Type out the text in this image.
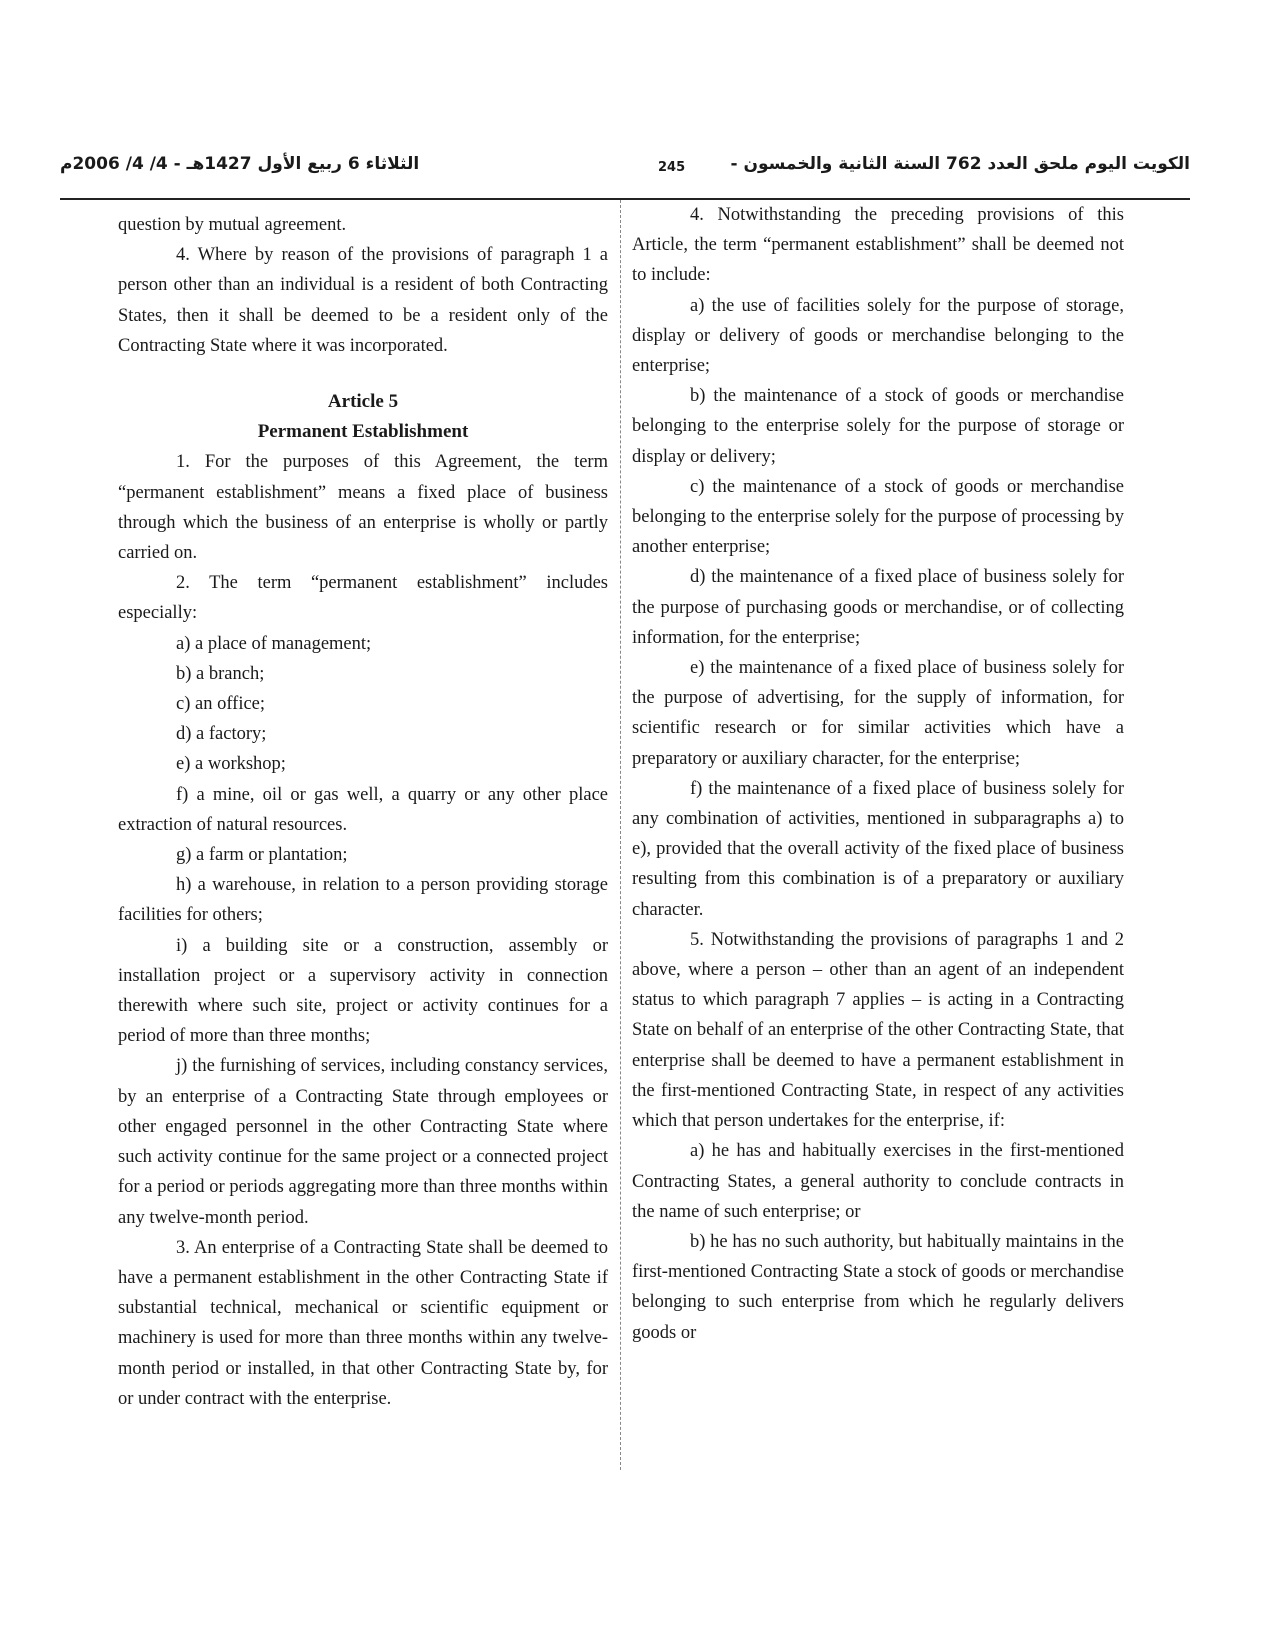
الثلاثاء 6 ربيع الأول 1427هـ - 4/ 4/ 2006م	245	الكويت اليوم ملحق العدد 762 السنة الثانية والخمسون -

question by mutual agreement.

4. Where by reason of the provisions of paragraph 1 a person other than an individual is a resident of both Contracting States, then it shall be deemed to be a resident only of the Contracting State where it was incorporated.

Article 5

Permanent Establishment

1. For the purposes of this Agreement, the term “permanent establishment” means a fixed place of business through which the business of an enterprise is wholly or partly carried on.

2. The term “permanent establishment” includes especially:

a) a place of management;

b) a branch;

c) an office;

d) a factory;

e) a workshop;

f) a mine, oil or gas well, a quarry or any other place extraction of natural resources.

g) a farm or plantation;

h) a warehouse, in relation to a person providing storage facilities for others;

i) a building site or a construction, assembly or installation project or a supervisory activity in connection therewith where such site, project or activity continues for a period of more than three months;

j) the furnishing of services, including constancy services, by an enterprise of a Contracting State through employees or other engaged personnel in the other Contracting State where such activity continue for the same project or a connected project for a period or periods aggregating more than three months within any twelve-month period.

3. An enterprise of a Contracting State shall be deemed to have a permanent establishment in the other Contracting State if substantial technical, mechanical or scientific equipment or machinery is used for more than three months within any twelve-month period or installed, in that other Contracting State by, for or under contract with the enterprise.

4. Notwithstanding the preceding provisions of this Article, the term “permanent establishment” shall be deemed not to include:

a) the use of facilities solely for the purpose of storage, display or delivery of goods or merchandise belonging to the enterprise;

b) the maintenance of a stock of goods or merchandise belonging to the enterprise solely for the purpose of storage or display or delivery;

c) the maintenance of a stock of goods or merchandise belonging to the enterprise solely for the purpose of processing by another enterprise;

d) the maintenance of a fixed place of business solely for the purpose of purchasing goods or merchandise, or of collecting information, for the enterprise;

e) the maintenance of a fixed place of business solely for the purpose of advertising, for the supply of information, for scientific research or for similar activities which have a preparatory or auxiliary character, for the enterprise;

f) the maintenance of a fixed place of business solely for any combination of activities, mentioned in subparagraphs a) to e), provided that the overall activity of the fixed place of business resulting from this combination is of a preparatory or auxiliary character.

5. Notwithstanding the provisions of paragraphs 1 and 2 above, where a person – other than an agent of an independent status to which paragraph 7 applies – is acting in a Contracting State on behalf of an enterprise of the other Contracting State, that enterprise shall be deemed to have a permanent establishment in the first-mentioned Contracting State, in respect of any activities which that person undertakes for the enterprise, if:

a) he has and habitually exercises in the first-mentioned Contracting States, a general authority to conclude contracts in the name of such enterprise; or

b) he has no such authority, but habitually maintains in the first-mentioned Contracting State a stock of goods or merchandise belonging to such enterprise from which he regularly delivers goods or
